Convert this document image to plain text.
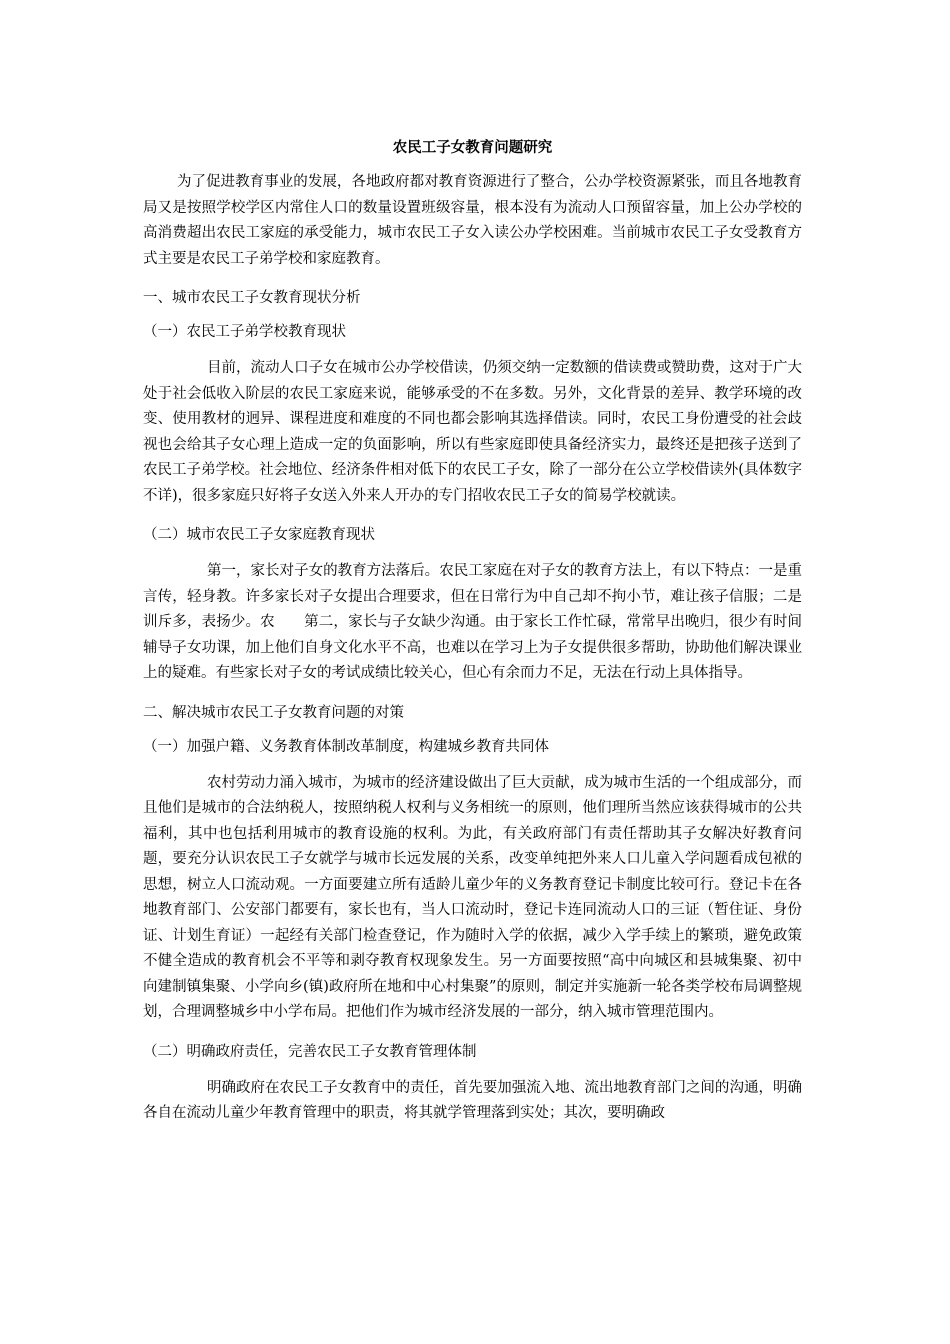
农民工子女教育问题研究

为了促进教育事业的发展，各地政府都对教育资源进行了整合，公办学校资源紧张，而且各地教育局又是按照学校学区内常住人口的数量设置班级容量，根本没有为流动人口预留容量，加上公办学校的高消费超出农民工家庭的承受能力，城市农民工子女入读公办学校困难。当前城市农民工子女受教育方式主要是农民工子弟学校和家庭教育。

一、城市农民工子女教育现状分析
（一）农民工子弟学校教育现状

目前，流动人口子女在城市公办学校借读，仍须交纳一定数额的借读费或赞助费，这对于广大处于社会低收入阶层的农民工家庭来说，能够承受的不在多数。另外，文化背景的差异、教学环境的改变、使用教材的迥异、课程进度和难度的不同也都会影响其选择借读。同时，农民工身份遭受的社会歧视也会给其子女心理上造成一定的负面影响，所以有些家庭即使具备经济实力，最终还是把孩子送到了农民工子弟学校。社会地位、经济条件相对低下的农民工子女，除了一部分在公立学校借读外(具体数字不详)，很多家庭只好将子女送入外来人开办的专门招收农民工子女的简易学校就读。

（二）城市农民工子女家庭教育现状

第一，家长对子女的教育方法落后。农民工家庭在对子女的教育方法上，有以下特点：一是重言传，轻身教。许多家长对子女提出合理要求，但在日常行为中自己却不拘小节，难让孩子信服；二是训斥多，表扬少。农　　第二，家长与子女缺少沟通。由于家长工作忙碌，常常早出晚归，很少有时间辅导子女功课，加上他们自身文化水平不高，也难以在学习上为子女提供很多帮助，协助他们解决课业上的疑难。有些家长对子女的考试成绩比较关心，但心有余而力不足，无法在行动上具体指导。

二、解决城市农民工子女教育问题的对策
（一）加强户籍、义务教育体制改革制度，构建城乡教育共同体

农村劳动力涌入城市，为城市的经济建设做出了巨大贡献，成为城市生活的一个组成部分，而且他们是城市的合法纳税人，按照纳税人权利与义务相统一的原则，他们理所当然应该获得城市的公共福利，其中也包括利用城市的教育设施的权利。为此，有关政府部门有责任帮助其子女解决好教育问题，要充分认识农民工子女就学与城市长远发展的关系，改变单纯把外来人口儿童入学问题看成包袱的思想，树立人口流动观。一方面要建立所有适龄儿童少年的义务教育登记卡制度比较可行。登记卡在各地教育部门、公安部门都要有，家长也有，当人口流动时，登记卡连同流动人口的三证（暂住证、身份证、计划生育证）一起经有关部门检查登记，作为随时入学的依据，减少入学手续上的繁琐，避免政策不健全造成的教育机会不平等和剥夺教育权现象发生。另一方面要按照“高中向城区和县城集聚、初中向建制镇集聚、小学向乡(镇)政府所在地和中心村集聚”的原则，制定并实施新一轮各类学校布局调整规划，合理调整城乡中小学布局。把他们作为城市经济发展的一部分，纳入城市管理范围内。

（二）明确政府责任，完善农民工子女教育管理体制

明确政府在农民工子女教育中的责任，首先要加强流入地、流出地教育部门之间的沟通，明确各自在流动儿童少年教育管理中的职责，将其就学管理落到实处；其次，要明确政
